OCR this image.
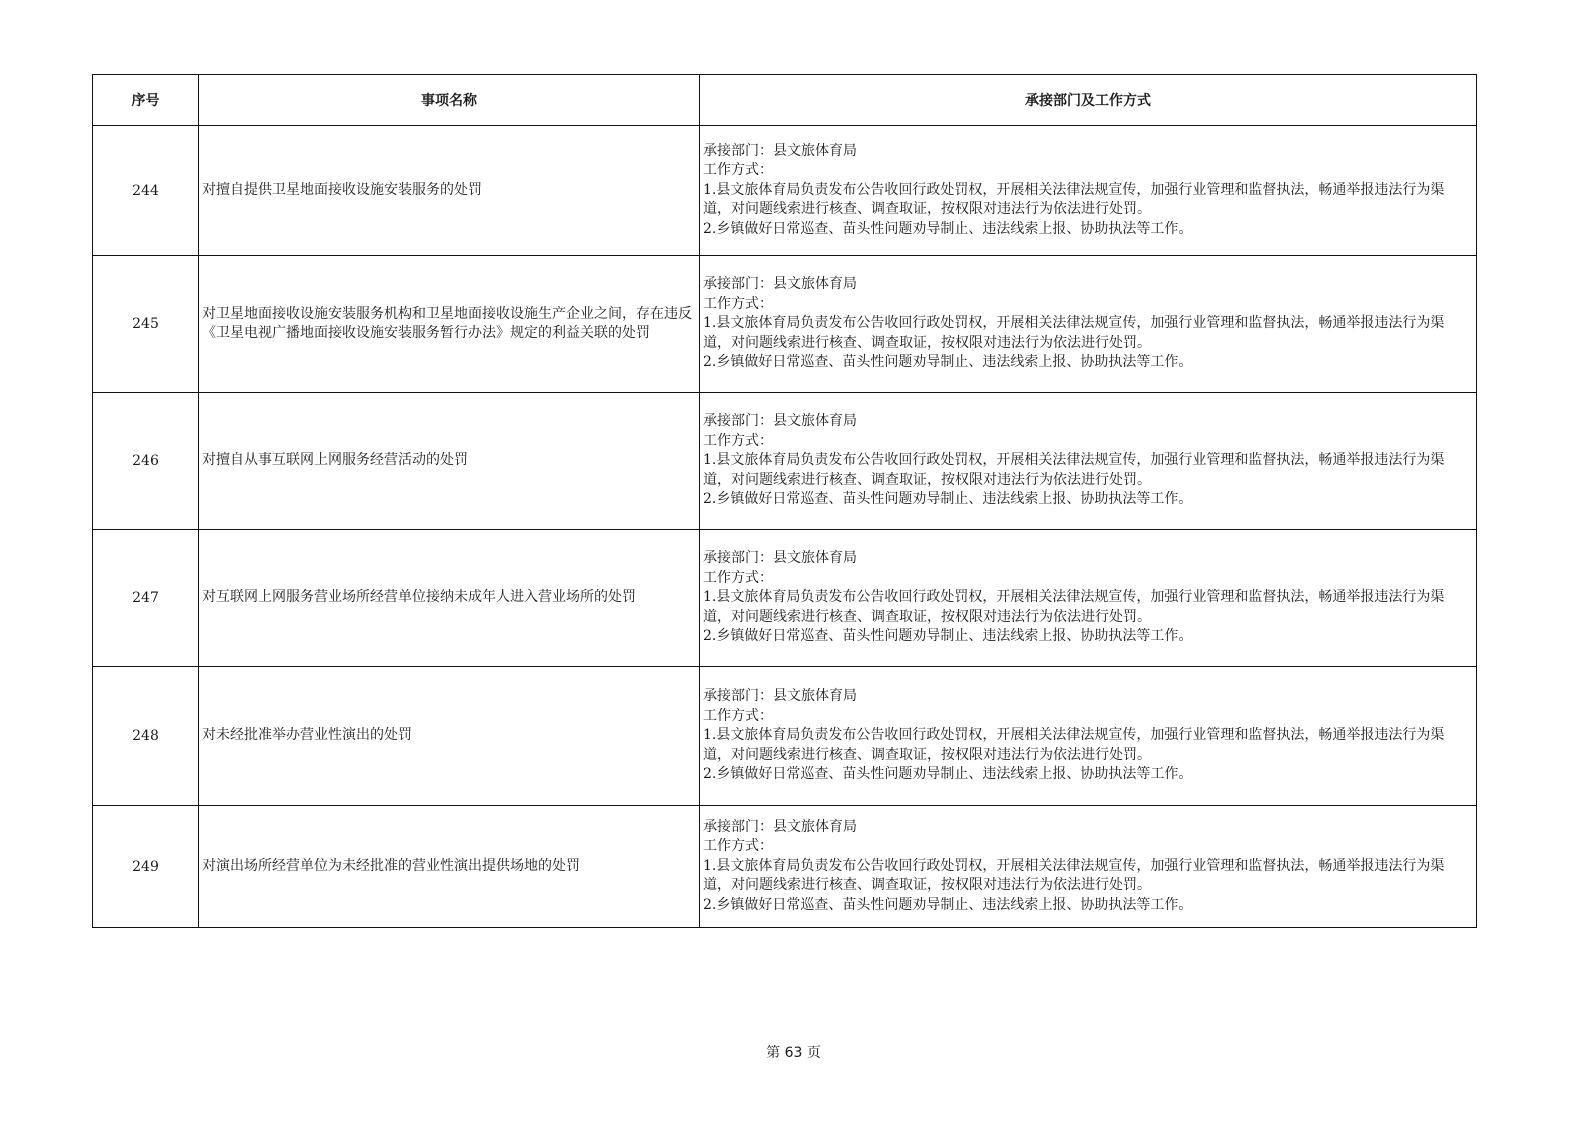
序号	事项名称	承接部门及工作方式
244	对擅自提供卫星地面接收设施安装服务的处罚	承接部门：县文旅体育局
工作方式：
1.县文旅体育局负责发布公告收回行政处罚权，开展相关法律法规宣传，加强行业管理和监督执法，畅通举报违法行为渠道，对问题线索进行核查、调查取证，按权限对违法行为依法进行处罚。
2.乡镇做好日常巡查、苗头性问题劝导制止、违法线索上报、协助执法等工作。

245	对卫星地面接收设施安装服务机构和卫星地面接收设施生产企业之间，存在违反《卫星电视广播地面接收设施安装服务暂行办法》规定的利益关联的处罚	承接部门：县文旅体育局
工作方式：
1.县文旅体育局负责发布公告收回行政处罚权，开展相关法律法规宣传，加强行业管理和监督执法，畅通举报违法行为渠道，对问题线索进行核查、调查取证，按权限对违法行为依法进行处罚。
2.乡镇做好日常巡查、苗头性问题劝导制止、违法线索上报、协助执法等工作。

246	对擅自从事互联网上网服务经营活动的处罚	承接部门：县文旅体育局
工作方式：
1.县文旅体育局负责发布公告收回行政处罚权，开展相关法律法规宣传，加强行业管理和监督执法，畅通举报违法行为渠道，对问题线索进行核查、调查取证，按权限对违法行为依法进行处罚。
2.乡镇做好日常巡查、苗头性问题劝导制止、违法线索上报、协助执法等工作。

247	对互联网上网服务营业场所经营单位接纳未成年人进入营业场所的处罚	承接部门：县文旅体育局
工作方式：
1.县文旅体育局负责发布公告收回行政处罚权，开展相关法律法规宣传，加强行业管理和监督执法，畅通举报违法行为渠道，对问题线索进行核查、调查取证，按权限对违法行为依法进行处罚。
2.乡镇做好日常巡查、苗头性问题劝导制止、违法线索上报、协助执法等工作。

248	对未经批准举办营业性演出的处罚	承接部门：县文旅体育局
工作方式：
1.县文旅体育局负责发布公告收回行政处罚权，开展相关法律法规宣传，加强行业管理和监督执法，畅通举报违法行为渠道，对问题线索进行核查、调查取证，按权限对违法行为依法进行处罚。
2.乡镇做好日常巡查、苗头性问题劝导制止、违法线索上报、协助执法等工作。

249	对演出场所经营单位为未经批准的营业性演出提供场地的处罚	承接部门：县文旅体育局
工作方式：
1.县文旅体育局负责发布公告收回行政处罚权，开展相关法律法规宣传，加强行业管理和监督执法，畅通举报违法行为渠道，对问题线索进行核查、调查取证，按权限对违法行为依法进行处罚。
2.乡镇做好日常巡查、苗头性问题劝导制止、违法线索上报、协助执法等工作。
第 63 页
